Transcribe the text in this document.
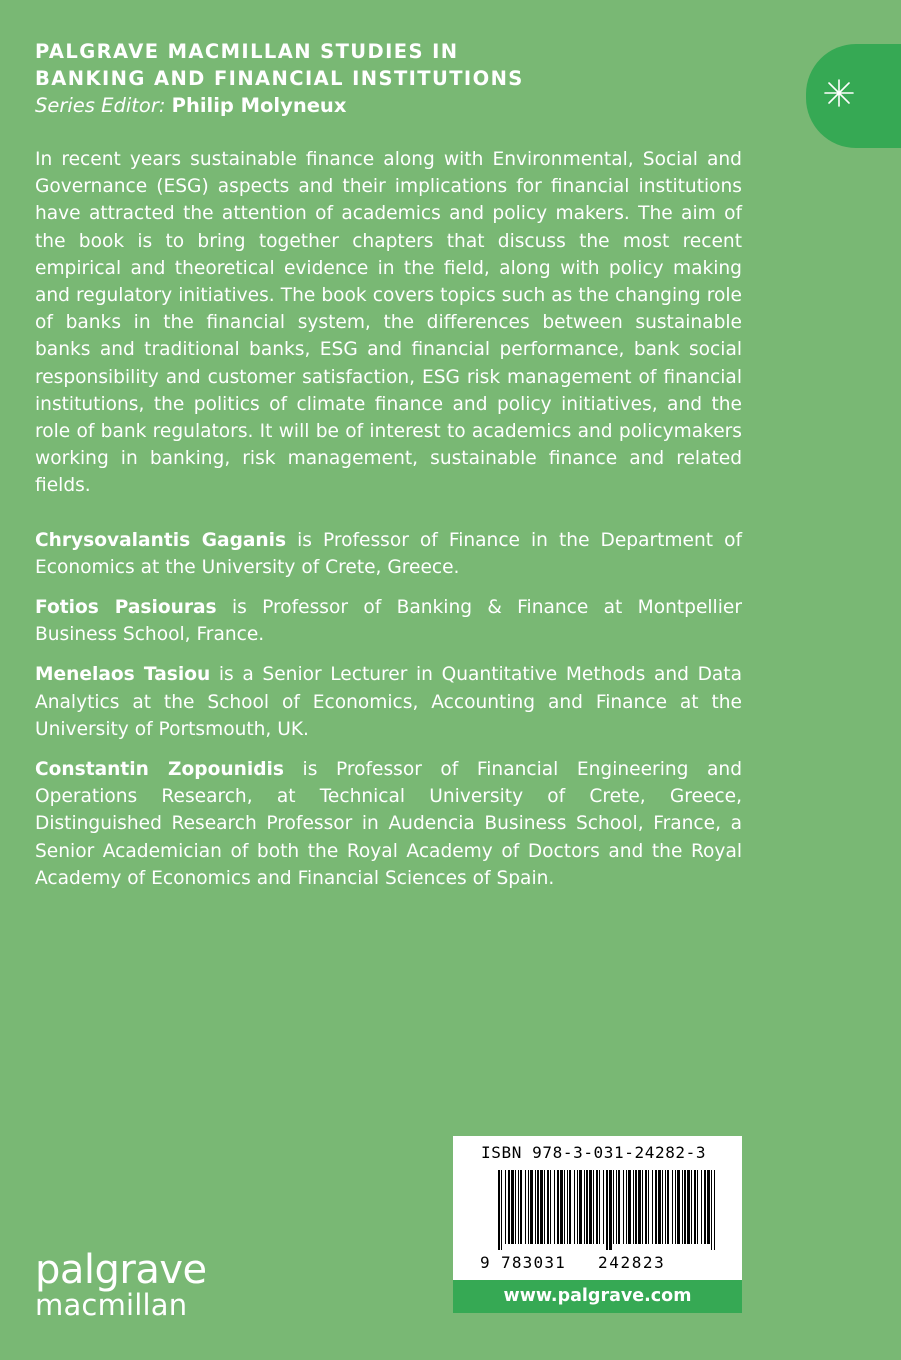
PALGRAVE MACMILLAN STUDIES IN

BANKING AND FINANCIAL INSTITUTIONS

Series Editor: Philip Molyneux

In recent years sustainable finance along with Environmental, Social and Governance (ESG) aspects and their implications for financial institutions have attracted the attention of academics and policy makers. The aim of the book is to bring together chapters that discuss the most recent empirical and theoretical evidence in the field, along with policy making and regulatory initiatives. The book covers topics such as the changing role of banks in the financial system, the differences between sustainable banks and traditional banks, ESG and financial performance, bank social responsibility and customer satisfaction, ESG risk management of financial institutions, the politics of climate finance and policy initiatives, and the role of bank regulators. It will be of interest to academics and policymakers working in banking, risk management, sustainable finance and related fields.

Chrysovalantis Gaganis is Professor of Finance in the Department of Economics at the University of Crete, Greece.

Fotios Pasiouras is Professor of Banking & Finance at Montpellier Business School, France.

Menelaos Tasiou is a Senior Lecturer in Quantitative Methods and Data Analytics at the School of Economics, Accounting and Finance at the University of Portsmouth, UK.

Constantin Zopounidis is Professor of Financial Engineering and Operations Research, at Technical University of Crete, Greece, Distinguished Research Professor in Audencia Business School, France, a Senior Academician of both the Royal Academy of Doctors and the Royal Academy of Economics and Financial Sciences of Spain.

ISBN 978-3-031-24282-3
9 783031 242823
www.palgrave.com
palgrave
macmillan
